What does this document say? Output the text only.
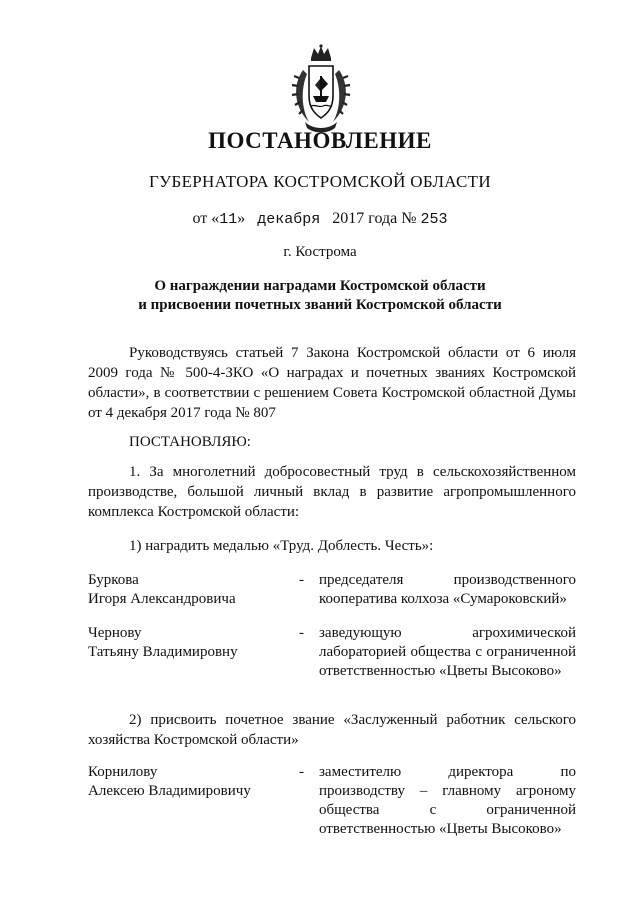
ПОСТАНОВЛЕНИЕ
ГУБЕРНАТОРА КОСТРОМСКОЙ ОБЛАСТИ
от «11» декабря 2017 года № 253
г. Кострома
О награждении наградами Костромской области
и присвоении почетных званий Костромской области
Руководствуясь статьей 7 Закона Костромской области от 6 июля 2009 года № 500-4-ЗКО «О наградах и почетных званиях Костромской области», в соответствии с решением Совета Костромской областной Думы от 4 декабря 2017 года № 807
ПОСТАНОВЛЯЮ:
1. За многолетний добросовестный труд в сельскохозяйственном производстве, большой личный вклад в развитие агропромышленного комплекса Костромской области:
1) наградить медалью «Труд. Доблесть. Честь»:
Буркова
Игоря Александровича
- председателя производственного кооператива колхоза «Сумароковский»
Чернову
Татьяну Владимировну
- заведующую агрохимической лабораторией общества с ограниченной ответственностью «Цветы Высоково»
2) присвоить почетное звание «Заслуженный работник сельского хозяйства Костромской области»
Корнилову
Алексею Владимировичу
- заместителю директора по производству – главному агроному общества с ограниченной ответственностью «Цветы Высоково»
